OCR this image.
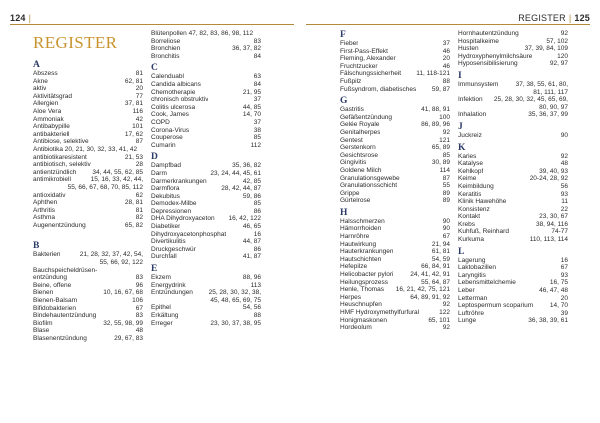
124 |	REGISTER | 125
REGISTER
A
Abszess	81
Akne	62, 81
aktiv	20
Aktivitätsgrad	77
Allergien	37, 81
Aloe Vera	116
Ammoniak	42
Antibabypille	101
antibakteriell	17, 62
Antibiose, selektive	87
Antibiotika 20, 21, 30, 32, 33, 41, 42
antibiotikaresistent	21, 53
antibiotisch, selektiv	28
antientzündlich	34, 44, 55, 62, 85
antimikrobiell	15, 16, 33, 42, 44,
55, 66, 67, 68, 70, 85, 112
antioxidativ	62
Aphthen	28, 81
Arthritis	81
Asthma	82
Augenentzündung	65, 82
B
Bakterien	21, 28, 32, 37, 42, 54,
55, 66, 92, 122
Bauchspeicheldrüsen-
entzündung	83
Beine, offene	96
Bienen	10, 16, 67, 68
Bienen-Balsam	106
Bifidobakterien	67
Bindehautentzündung	83
Biofilm	32, 55, 98, 99
Blase	48
Blasenentzündung	29, 67, 83
Blütenpollen 47, 82, 83, 86, 98, 112
Borreliose	83
Bronchien	36, 37, 82
Bronchitis	84
C
Calenduabl	63
Candida albicans	84
Chemotherapie	21, 95
chronisch obstruktiv	37
Colitis ulcerosa	44, 85
Cook, James	14, 70
COPD	37
Corona-Virus	38
Couperose	85
Cumarin	112
D
Dampfbad	35, 36, 82
Darm	23, 24, 44, 45, 61
Darmerkrankungen	42, 85
Darmflora	28, 42, 44, 87
Dekubitus	59, 86
Demodex-Milbe	85
Depressionen	86
DHA Dihydroxyaceton	16, 42, 122
Diabetiker	46, 65
Dihydroxyacetonphosphat	16
Divertikulitis	44, 87
Druckgeschwür	86
Durchfall	41, 87
E
Ekzem	88, 96
Energydrink	113
Entzündungen	25, 28, 30, 32, 38,
45, 48, 65, 69, 75
Epithel	54, 56
Erkältung	88
Erreger	23, 30, 37, 38, 95
F
Fieber	37
First-Pass-Effekt	46
Fleming, Alexander	20
Fruchtzucker	46
Fälschungssicherheit	11, 118-121
Fußpilz	88
Fußsyndrom, diabetisches	59, 87
G
Gastritis	41, 88, 91
Gefäßentzündung	100
Gelée Royale	86, 89, 96
Genitalherpes	92
Gentest	121
Gerstenkorn	65, 89
Gesichtsrose	85
Gingivitis	30, 89
Goldene Milch	114
Granulationsgewebe	87
Granulationsschicht	55
Grippe	89
Gürtelrose	89
H
Halsschmerzen	90
Hämorrhoiden	90
Harnröhre	67
Hautwirkung	21, 94
Hauterkrankungen	61, 81
Hautschichten	54, 59
Hefepilze	66, 84, 91
Helicobacter pylori	24, 41, 42, 91
Heilungsprozess	55, 64, 87
Henle, Thomas	16, 21, 42, 75, 121
Herpes	64, 89, 91, 92
Heuschnupfen	92
HMF Hydroxymethylfurfural	122
Honigmaskonen	65, 101
Hordeolum	92
Hornhautentzündung	92
Hospitalkeime	57, 102
Husten	37, 39, 84, 109
Hydroxyphenylmilchsäure	120
Hyposensibilisierung	92, 97
I
Immunsystem	37, 38, 55, 61, 80,
81, 111, 117
Infektion	25, 28, 30, 32, 45, 65, 69,
80, 90, 97
Inhalation	35, 36, 37, 99
J
Juckreiz	90
K
Karies	92
Katalyse	48
Kehlkopf	39, 40, 93
Keime	20-24, 28, 92
Keimbildung	56
Keratitis	93
Klinik Hawehöhe	11
Konsistenz	22
Kontakt	23, 30, 67
Krebs	38, 94, 116
Kuhfuß, Reinhard	74-77
Kurkuma	110, 113, 114
L
Lagerung	16
Laktobazillen	67
Laryngitis	93
Lebensmittelchemie	16, 75
Leber	46, 47, 48
Letterman	20
Leptospermum scoparium	14, 70
Luftröhre	39
Lunge	36, 38, 39, 61
